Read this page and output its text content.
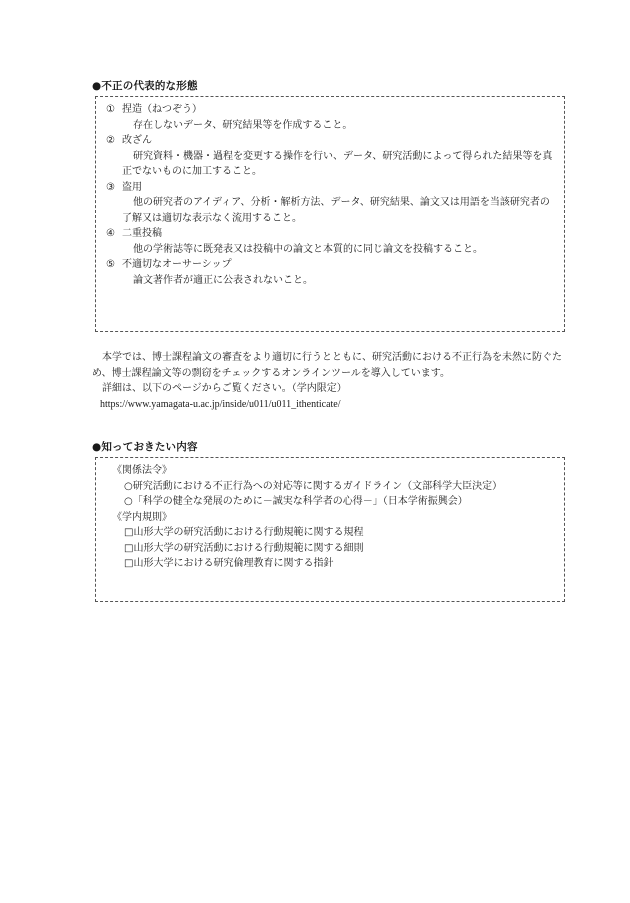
●不正の代表的な形態
① 捏造（ねつぞう）
存在しないデータ、研究結果等を作成すること。
② 改ざん
研究資料・機器・過程を変更する操作を行い、データ、研究活動によって得られた結果等を真正でないものに加工すること。
③ 盗用
他の研究者のアイディア、分析・解析方法、データ、研究結果、論文又は用語を当該研究者の了解又は適切な表示なく流用すること。
④ 二重投稿
他の学術誌等に既発表又は投稿中の論文と本質的に同じ論文を投稿すること。
⑤ 不適切なオーサーシップ
論文著作者が適正に公表されないこと。

本学では、博士課程論文の審査をより適切に行うとともに、研究活動における不正行為を未然に防ぐため、博士課程論文等の剽窃をチェックするオンラインツールを導入しています。

詳細は、以下のページからご覧ください。（学内限定）

https://www.yamagata-u.ac.jp/inside/u011/u011_ithenticate/

●知っておきたい内容
《関係法令》
○研究活動における不正行為への対応等に関するガイドライン（文部科学大臣決定）
○「科学の健全な発展のために－誠実な科学者の心得－」（日本学術振興会）
《学内規則》
□山形大学の研究活動における行動規範に関する規程
□山形大学の研究活動における行動規範に関する細則
□山形大学における研究倫理教育に関する指針
